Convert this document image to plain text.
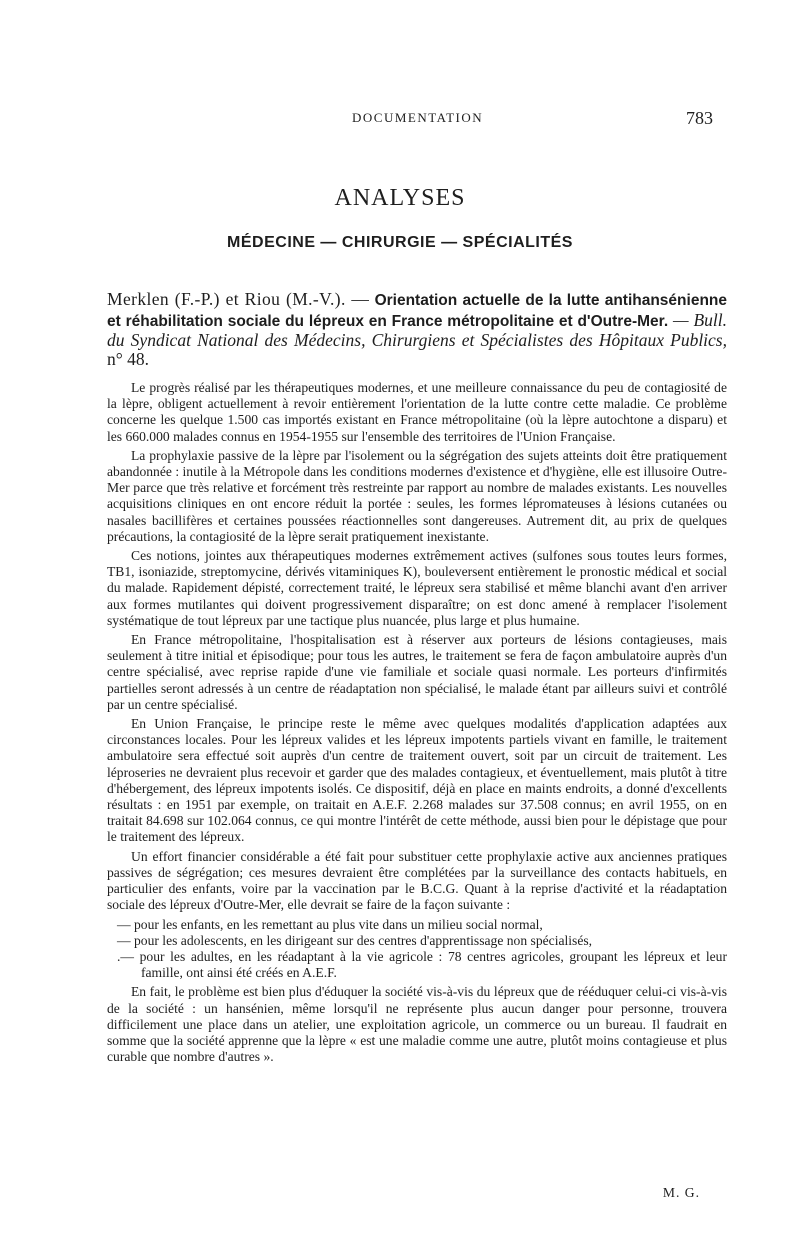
DOCUMENTATION	783
ANALYSES
MÉDECINE — CHIRURGIE — SPÉCIALITÉS
Merklen (F.-P.) et Riou (M.-V.). — Orientation actuelle de la lutte antihansénienne et réhabilitation sociale du lépreux en France métropolitaine et d'Outre-Mer. — Bull. du Syndicat National des Médecins, Chirurgiens et Spécialistes des Hôpitaux Publics, n° 48.

Le progrès réalisé par les thérapeutiques modernes, et une meilleure connaissance du peu de contagiosité de la lèpre, obligent actuellement à revoir entièrement l'orientation de la lutte contre cette maladie. Ce problème concerne les quelque 1.500 cas importés existant en France métropolitaine (où la lèpre autochtone a disparu) et les 660.000 malades connus en 1954-1955 sur l'ensemble des territoires de l'Union Française.

La prophylaxie passive de la lèpre par l'isolement ou la ségrégation des sujets atteints doit être pratiquement abandonnée : inutile à la Métropole dans les conditions modernes d'existence et d'hygiène, elle est illusoire Outre-Mer parce que très relative et forcément très restreinte par rapport au nombre de malades existants. Les nouvelles acquisitions cliniques en ont encore réduit la portée : seules, les formes lépromateuses à lésions cutanées ou nasales bacillifères et certaines poussées réactionnelles sont dangereuses. Autrement dit, au prix de quelques précautions, la contagiosité de la lèpre serait pratiquement inexistante.

Ces notions, jointes aux thérapeutiques modernes extrêmement actives (sulfones sous toutes leurs formes, TB1, isoniazide, streptomycine, dérivés vitaminiques K), bouleversent entièrement le pronostic médical et social du malade. Rapidement dépisté, correctement traité, le lépreux sera stabilisé et même blanchi avant d'en arriver aux formes mutilantes qui doivent progressivement disparaître; on est donc amené à remplacer l'isolement systématique de tout lépreux par une tactique plus nuancée, plus large et plus humaine.

En France métropolitaine, l'hospitalisation est à réserver aux porteurs de lésions contagieuses, mais seulement à titre initial et épisodique; pour tous les autres, le traitement se fera de façon ambulatoire auprès d'un centre spécialisé, avec reprise rapide d'une vie familiale et sociale quasi normale. Les porteurs d'infirmités partielles seront adressés à un centre de réadaptation non spécialisé, le malade étant par ailleurs suivi et contrôlé par un centre spécialisé.

En Union Française, le principe reste le même avec quelques modalités d'application adaptées aux circonstances locales. Pour les lépreux valides et les lépreux impotents partiels vivant en famille, le traitement ambulatoire sera effectué soit auprès d'un centre de traitement ouvert, soit par un circuit de traitement. Les léproseries ne devraient plus recevoir et garder que des malades contagieux, et éventuellement, mais plutôt à titre d'hébergement, des lépreux impotents isolés. Ce dispositif, déjà en place en maints endroits, a donné d'excellents résultats : en 1951 par exemple, on traitait en A.E.F. 2.268 malades sur 37.508 connus; en avril 1955, on en traitait 84.698 sur 102.064 connus, ce qui montre l'intérêt de cette méthode, aussi bien pour le dépistage que pour le traitement des lépreux.

Un effort financier considérable a été fait pour substituer cette prophylaxie active aux anciennes pratiques passives de ségrégation; ces mesures devraient être complétées par la surveillance des contacts habituels, en particulier des enfants, voire par la vaccination par le B.C.G. Quant à la reprise d'activité et la réadaptation sociale des lépreux d'Outre-Mer, elle devrait se faire de la façon suivante :

— pour les enfants, en les remettant au plus vite dans un milieu social normal,
— pour les adolescents, en les dirigeant sur des centres d'apprentissage non spécialisés,
.— pour les adultes, en les réadaptant à la vie agricole : 78 centres agricoles, groupant les lépreux et leur famille, ont ainsi été créés en A.E.F.

En fait, le problème est bien plus d'éduquer la société vis-à-vis du lépreux que de rééduquer celui-ci vis-à-vis de la société : un hansénien, même lorsqu'il ne représente plus aucun danger pour personne, trouvera difficilement une place dans un atelier, une exploitation agricole, un commerce ou un bureau. Il faudrait en somme que la société apprenne que la lèpre « est une maladie comme une autre, plutôt moins contagieuse et plus curable que nombre d'autres ».

M. G.
